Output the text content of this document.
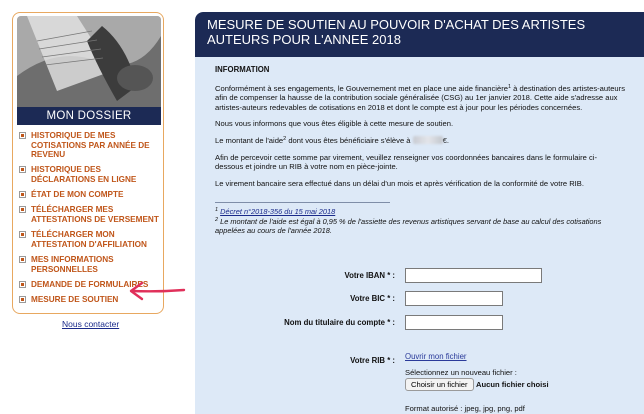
MON DOSSIER
HISTORIQUE DE MES COTISATIONS PAR ANNÉE DE REVENU
HISTORIQUE DES DÉCLARATIONS EN LIGNE
ÉTAT DE MON COMPTE
TÉLÉCHARGER MES ATTESTATIONS DE VERSEMENT
TÉLÉCHARGER MON ATTESTATION D'AFFILIATION
MES INFORMATIONS PERSONNELLES
DEMANDE DE FORMULAIRES
MESURE DE SOUTIEN
Nous contacter
MESURE DE SOUTIEN AU POUVOIR D'ACHAT DES ARTISTES
AUTEURS POUR L'ANNEE 2018
INFORMATION

Conformément à ses engagements, le Gouvernement met en place une aide financière$^1$ à destination des artistes-auteurs afin de compenser la hausse de la contribution sociale généralisée (CSG) au 1er janvier 2018. Cette aide s'adresse aux artistes-auteurs redevables de cotisations en 2018 et dont le compte est à jour pour les périodes concernées.

Nous vous informons que vous êtes éligible à cette mesure de soutien.

Le montant de l'aide$^2$ dont vous êtes bénéficiaire s'élève à	€.

Afin de percevoir cette somme par virement, veuillez renseigner vos coordonnées bancaires dans le formulaire ci-dessous et joindre un RIB à votre nom en pièce-jointe.

Le virement bancaire sera effectué dans un délai d'un mois et après vérification de la conformité de votre RIB.

$^1$ Décret n°2018-356 du 15 mai 2018

$^2$ Le montant de l'aide est égal à 0,95 % de l'assiette des revenus artistiques servant de base au calcul des cotisations appelées au cours de l'année 2018.

Votre IBAN * :
Votre BIC * :
Nom du titulaire du compte * :
Votre RIB * : Ouvrir mon fichier
Sélectionnez un nouveau fichier :
Choisir un fichier	Aucun fichier choisi
Format autorisé : jpeg, jpg, png, pdf
